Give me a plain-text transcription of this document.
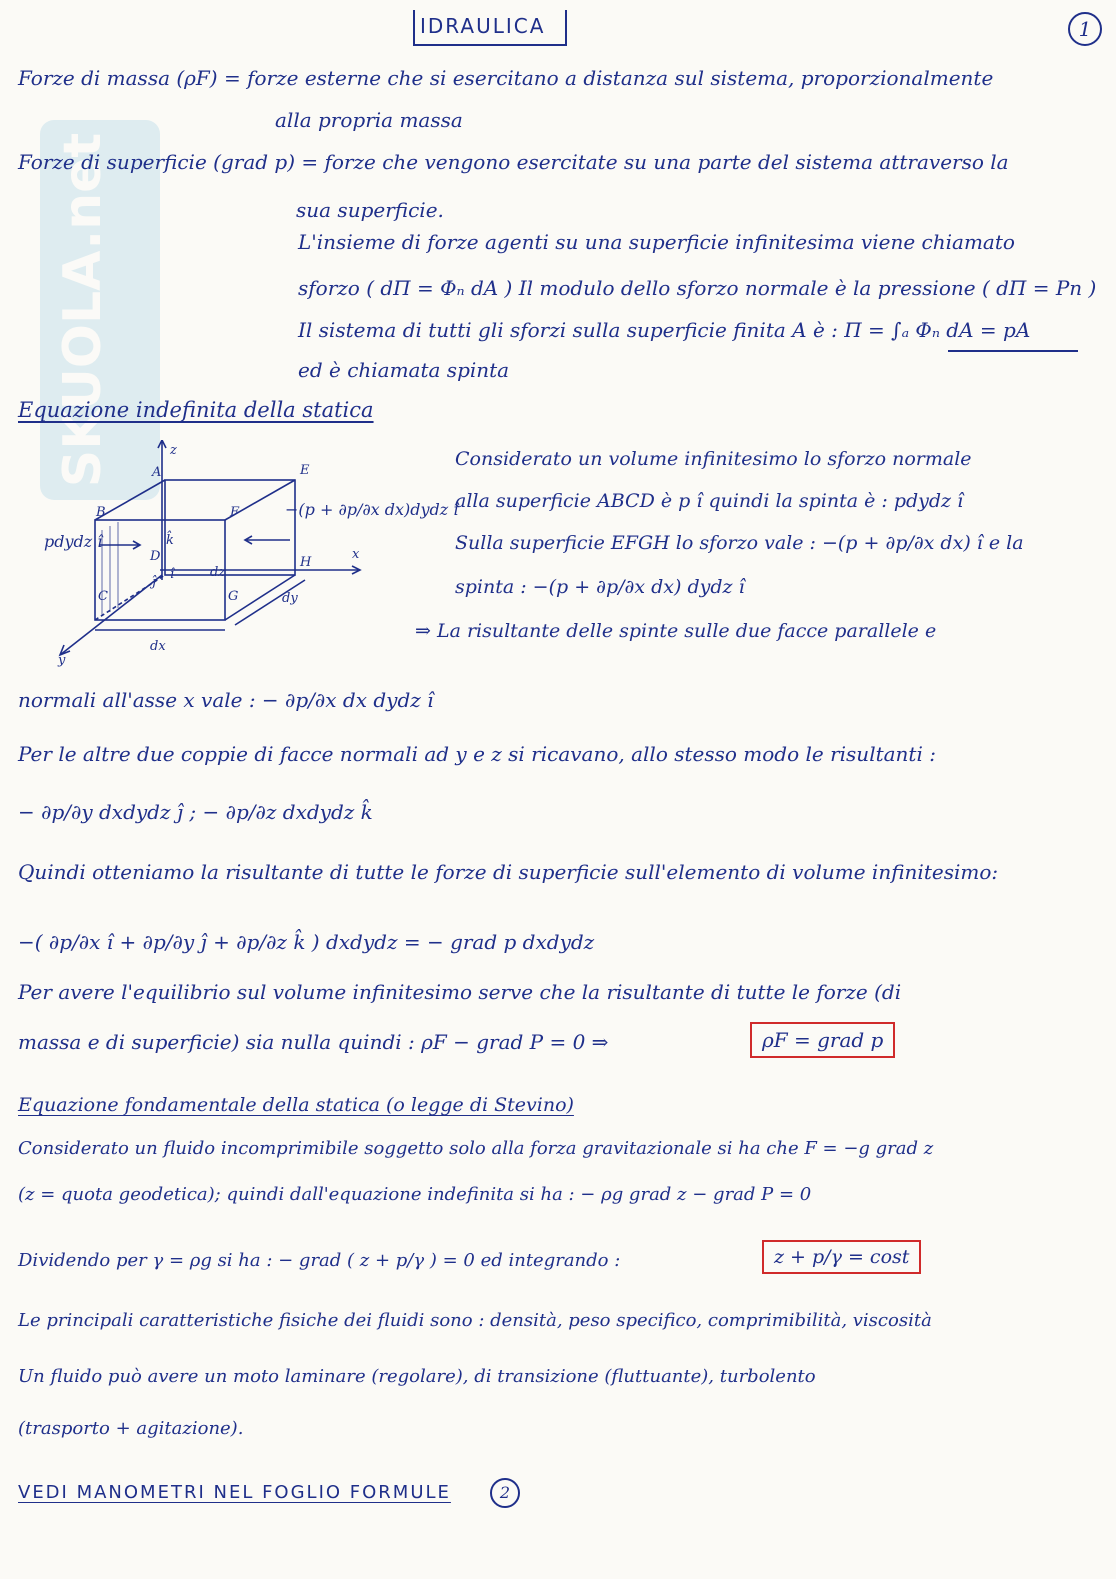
SKUOLA.net
IDRAULICA	1
Forze di massa (ρF) = forze esterne che si esercitano a distanza sul sistema, proporzionalmente
alla propria massa
Forze di superficie (grad p) = forze che vengono esercitate su una parte del sistema attraverso la
sua superficie.
L'insieme di forze agenti su una superficie infinitesima viene chiamato
sforzo ( dΠ = Φₙ dA ) Il modulo dello sforzo normale è la pressione ( dΠ = Pn )
Il sistema di tutti gli sforzi sulla superficie finita A è : Π = ∫ₐ Φₙ dA = pA
ed è chiamata spinta
Equazione indefinita della statica
A
z
E
B	F
D
k̂
î
ĵ
dz
H
x
C	G	dy
dx
y
pdydz î
−(p + ∂p/∂x dx)dydz î
Considerato un volume infinitesimo lo sforzo normale
alla superficie ABCD è p î quindi la spinta è : pdydz î
Sulla superficie EFGH lo sforzo vale : −(p + ∂p/∂x dx) î e la
spinta : −(p + ∂p/∂x dx) dydz î
⇒ La risultante delle spinte sulle due facce parallele e
normali all'asse x vale : − ∂p/∂x dx dydz î
Per le altre due coppie di facce normali ad y e z si ricavano, allo stesso modo le risultanti :
− ∂p/∂y dxdydz ĵ ; − ∂p/∂z dxdydz k̂
Quindi otteniamo la risultante di tutte le forze di superficie sull'elemento di volume infinitesimo:
−( ∂p/∂x î + ∂p/∂y ĵ + ∂p/∂z k̂ ) dxdydz = − grad p dxdydz
Per avere l'equilibrio sul volume infinitesimo serve che la risultante di tutte le forze (di
massa e di superficie) sia nulla quindi : ρF − grad P = 0 ⇒	ρF = grad p
Equazione fondamentale della statica (o legge di Stevino)
Considerato un fluido incomprimibile soggetto solo alla forza gravitazionale si ha che F = −g grad z
(z = quota geodetica); quindi dall'equazione indefinita si ha : − ρg grad z − grad P = 0
Dividendo per γ = ρg si ha : − grad ( z + p/γ ) = 0 ed integrando :	z + p/γ = cost
Le principali caratteristiche fisiche dei fluidi sono : densità, peso specifico, comprimibilità, viscosità
Un fluido può avere un moto laminare (regolare), di transizione (fluttuante), turbolento
(trasporto + agitazione).
VEDI MANOMETRI NEL FOGLIO FORMULE	2
